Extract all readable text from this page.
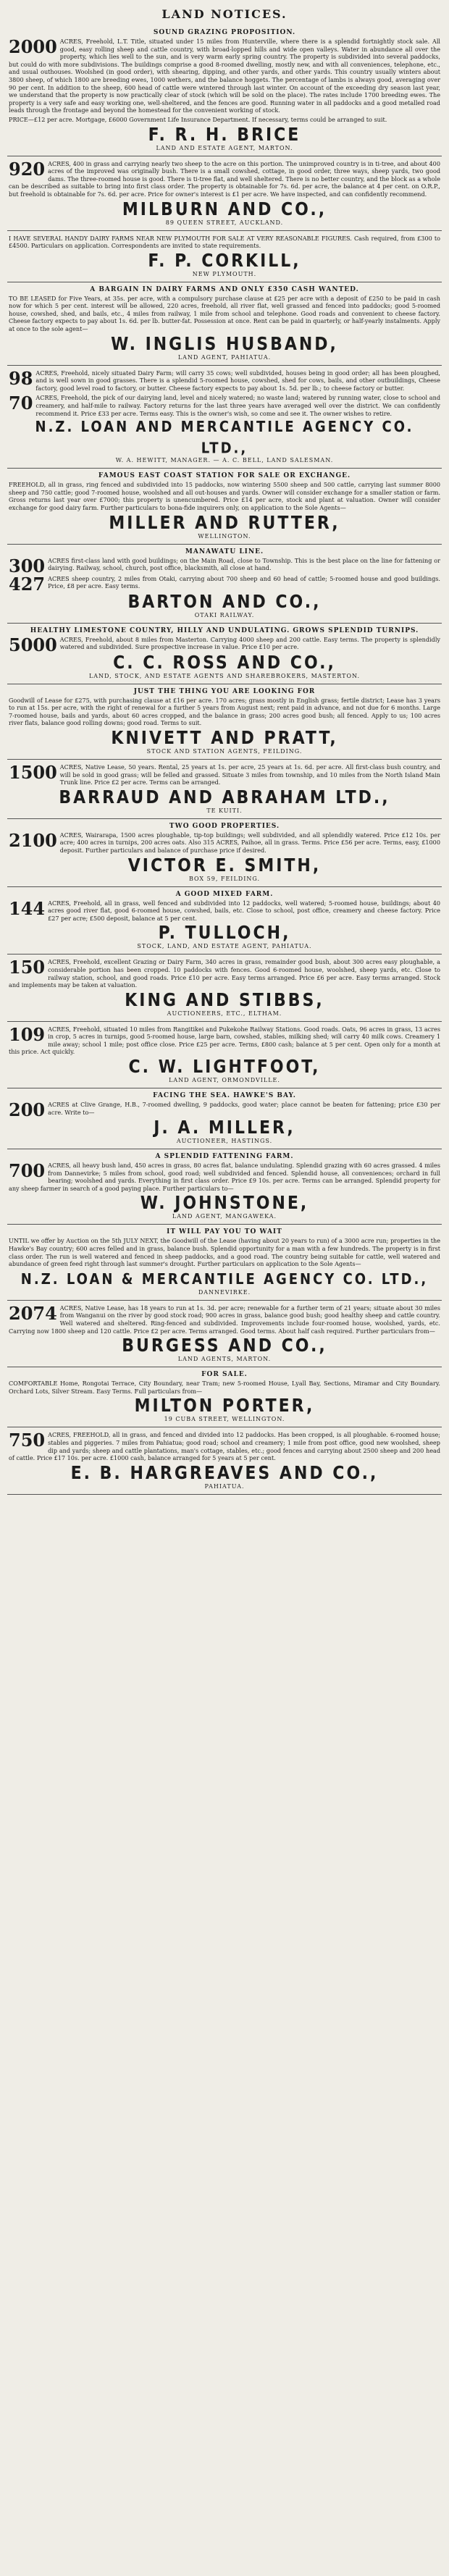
LAND NOTICES.
SOUND GRAZING PROPOSITION.
2000 ACRES, Freehold, L.T. Title, situated under 15 miles from Hunterville, where there is a splendid fortnightly stock sale. All good, easy rolling sheep and cattle country, with broad-lopped hills and wide open valleys. Water in abundance all over the property, which lies well to the sun, and is very warm early spring country. The property is subdivided into several paddocks, but could do with more subdivisions. The buildings comprise a good 8-roomed dwelling, mostly new, and with all conveniences, telephone, etc., and usual outhouses. Woolshed (in good order), with shearing, dipping, and other yards, and other yards. This country usually winters about 3800 sheep, of which 1800 are breeding ewes, 1000 wethers, and the balance hoggets. The percentage of lambs is always good, averaging over 90 per cent. In addition to the sheep, 600 head of cattle were wintered through last winter. On account of the exceeding dry season last year, we understand that the property is now practically clear of stock (which will be sold on the place). The rates include 1700 breeding ewes. The property is a very safe and easy working one, well-sheltered, and the fences are good. Running water in all paddocks and a good metalled road leads through the frontage and beyond the homestead for the convenient working of stock.
PRICE—£12 per acre. Mortgage, £6000 Government Life Insurance Department. If necessary, terms could be arranged to suit.
F. R. H. BRICE
LAND AND ESTATE AGENT, MARTON.
920 ACRES, 400 in grass and carrying nearly two sheep to the acre on this portion. The unimproved country is in ti-tree, and about 400 acres of the improved was originally bush. There is a small cowshed, cottage, in good order, three ways, sheep yards, two good dams. The three-roomed house is good. There is ti-tree flat, and well sheltered. There is no better country, and the block as a whole can be described as suitable to bring into first class order. The property is obtainable for 7s. 6d. per acre, the balance at 4 per cent. on O.R.P., but freehold is obtainable for 7s. 6d. per acre. Price for owner's interest is £1 per acre. We have inspected, and can confidently recommend.
MILBURN AND CO.,
89 QUEEN STREET, AUCKLAND.
I HAVE SEVERAL HANDY DAIRY FARMS NEAR NEW PLYMOUTH FOR SALE AT VERY REASONABLE FIGURES. Cash required, from £300 to £4500. Particulars on application. Correspondents are invited to state requirements.
F. P. CORKILL,
NEW PLYMOUTH.
A BARGAIN IN DAIRY FARMS AND ONLY £350 CASH WANTED.
TO BE LEASED for Five Years, at 35s. per acre, with a compulsory purchase clause at £25 per acre with a deposit of £250 to be paid in cash now for which 5 per cent. interest will be allowed, 220 acres, freehold, all river flat, well grassed and fenced into paddocks; good 5-roomed house, cowshed, shed, and bails, etc., 4 miles from railway, 1 mile from school and telephone. Good roads and convenient to cheese factory. Cheese factory expects to pay about 1s. 6d. per lb. butter-fat. Possession at once. Rent can be paid in quarterly, or half-yearly instalments. Apply at once to the sole agent—
W. INGLIS HUSBAND,
LAND AGENT, PAHIATUA.
98 ACRES, Freehold, nicely situated Dairy Farm; will carry 35 cows; well subdivided, houses being in good order; all has been ploughed, and is well sown in good grasses. There is a splendid 5-roomed house, cowshed, shed for cows, bails, and other outbuildings, Cheese factory, good level road to factory, or butter. Cheese factory expects to pay about 1s. 5d. per lb.; to cheese factory or butter.
70 ACRES, Freehold, the pick of our dairying land, level and nicely watered; no waste land; watered by running water, close to school and creamery, and half-mile to railway. Factory returns for the last three years have averaged well over the district. We can confidently recommend it. Price £33 per acre. Terms easy. This is the owner's wish, so come and see it. The owner wishes to retire.
N.Z. LOAN AND MERCANTILE AGENCY CO. LTD.,
W. A. HEWITT, MANAGER. — A. C. BELL, LAND SALESMAN.
FAMOUS EAST COAST STATION FOR SALE OR EXCHANGE.
FREEHOLD, all in grass, ring fenced and subdivided into 15 paddocks, now wintering 5500 sheep and 500 cattle, carrying last summer 8000 sheep and 750 cattle; good 7-roomed house, woolshed and all out-houses and yards. Owner will consider exchange for a smaller station or farm. Gross returns last year over £7000; this property is unencumbered. Price £14 per acre, stock and plant at valuation. Owner will consider exchange for good dairy farm. Further particulars to bona-fide inquirers only, on application to the Sole Agents—
MILLER AND RUTTER,
WELLINGTON.
MANAWATU LINE.
300 ACRES first-class land with good buildings; on the Main Road, close to Township. This is the best place on the line for fattening or dairying. Railway, school, church, post office, blacksmith, all close at hand.
427 ACRES sheep country, 2 miles from Otaki, carrying about 700 sheep and 60 head of cattle; 5-roomed house and good buildings. Price, £8 per acre. Easy terms.
BARTON AND CO.,
OTAKI RAILWAY.
HEALTHY LIMESTONE COUNTRY, HILLY AND UNDULATING. GROWS SPLENDID TURNIPS.
5000 ACRES, Freehold, about 8 miles from Masterton. Carrying 4000 sheep and 200 cattle. Easy terms. The property is splendidly watered and subdivided. Sure prospective increase in value. Price £10 per acre.
C. C. ROSS AND CO.,
LAND, STOCK, AND ESTATE AGENTS AND SHAREBROKERS, MASTERTON.
JUST THE THING YOU ARE LOOKING FOR
Goodwill of Lease for £275, with purchasing clause at £16 per acre. 170 acres; grass mostly in English grass; fertile district; Lease has 3 years to run at 15s. per acre, with the right of renewal for a further 5 years from August next; rent paid in advance, and not due for 6 months. Large 7-roomed house, bails and yards, about 60 acres cropped, and the balance in grass; 200 acres good bush; all fenced. Apply to us; 100 acres river flats, balance good rolling downs; good road. Terms to suit.
KNIVETT AND PRATT,
STOCK AND STATION AGENTS, FEILDING.
1500 ACRES, Native Lease, 50 years. Rental, 25 years at 1s. per acre, 25 years at 1s. 6d. per acre. All first-class bush country, and will be sold in good grass; will be felled and grassed. Situate 3 miles from township, and 10 miles from the North Island Main Trunk line. Price £2 per acre. Terms can be arranged.
BARRAUD AND ABRAHAM LTD.,
TE KUITI.
TWO GOOD PROPERTIES.
2100 ACRES, Wairarapa, 1500 acres ploughable, tip-top buildings; well subdivided, and all splendidly watered. Price £12 10s. per acre; 400 acres in turnips, 200 acres oats. Also 315 ACRES, Paihoe, all in grass. Terms. Price £56 per acre. Terms, easy, £1000 deposit. Further particulars and balance of purchase price if desired.
VICTOR E. SMITH,
BOX 59, FEILDING.
A GOOD MIXED FARM.
144 ACRES, Freehold, all in grass, well fenced and subdivided into 12 paddocks, well watered; 5-roomed house, buildings; about 40 acres good river flat, good 6-roomed house, cowshed, bails, etc. Close to school, post office, creamery and cheese factory. Price £27 per acre; £500 deposit, balance at 5 per cent.
P. TULLOCH,
STOCK, LAND, AND ESTATE AGENT, PAHIATUA.
150 ACRES, Freehold, excellent Grazing or Dairy Farm, 340 acres in grass, remainder good bush, about 300 acres easy ploughable, a considerable portion has been cropped. 10 paddocks with fences. Good 6-roomed house, woolshed, sheep yards, etc. Close to railway station, school, and good roads. Price £10 per acre. Easy terms arranged. Price £6 per acre. Easy terms arranged. Stock and implements may be taken at valuation.
KING AND STIBBS,
AUCTIONEERS, ETC., ELTHAM.
109 ACRES, Freehold, situated 10 miles from Rangitikei and Pukekohe Railway Stations. Good roads. Oats, 96 acres in grass, 13 acres in crop, 5 acres in turnips, good 5-roomed house, large barn, cowshed, stables, milking shed; will carry 40 milk cows. Creamery 1 mile away; school 1 mile; post office close. Price £25 per acre. Terms, £800 cash; balance at 5 per cent. Open only for a month at this price. Act quickly.
C. W. LIGHTFOOT,
LAND AGENT, ORMONDVILLE.
FACING THE SEA. HAWKE'S BAY.
200 ACRES at Clive Grange, H.B., 7-roomed dwelling, 9 paddocks, good water; place cannot be beaten for fattening; price £30 per acre. Write to—
J. A. MILLER,
AUCTIONEER, HASTINGS.
A SPLENDID FATTENING FARM.
700 ACRES, all heavy bush land, 450 acres in grass, 80 acres flat, balance undulating. Splendid grazing with 60 acres grassed. 4 miles from Dannevirke; 5 miles from school, good road; well subdivided and fenced. Splendid house, all conveniences; orchard in full bearing; woolshed and yards. Everything in first class order. Price £9 10s. per acre. Terms can be arranged. Splendid property for any sheep farmer in search of a good paying place. Further particulars to—
W. JOHNSTONE,
LAND AGENT, MANGAWEKA.
IT WILL PAY YOU TO WAIT
UNTIL we offer by Auction on the 5th JULY NEXT, the Goodwill of the Lease (having about 20 years to run) of a 3000 acre run; properties in the Hawke's Bay country; 600 acres felled and in grass, balance bush. Splendid opportunity for a man with a few hundreds. The property is in first class order. The run is well watered and fenced in sheep paddocks, and a good road. The country being suitable for cattle, well watered and abundance of green feed right through last summer's drought. Further particulars on application to the Sole Agents—
N.Z. LOAN & MERCANTILE AGENCY CO. LTD.,
DANNEVIRKE.
2074 ACRES, Native Lease, has 18 years to run at 1s. 3d. per acre; renewable for a further term of 21 years; situate about 30 miles from Wanganui on the river by good stock road; 900 acres in grass, balance good bush; good healthy sheep and cattle country. Well watered and sheltered. Ring-fenced and subdivided. Improvements include four-roomed house, woolshed, yards, etc. Carrying now 1800 sheep and 120 cattle. Price £2 per acre. Terms arranged. Good terms. About half cash required. Further particulars from—
BURGESS AND CO.,
LAND AGENTS, MARTON.
FOR SALE.
COMFORTABLE Home, Rongotai Terrace, City Boundary, near Tram; new 5-roomed House, Lyall Bay, Sections, Miramar and City Boundary. Orchard Lots, Silver Stream. Easy Terms. Full particulars from—
MILTON PORTER,
19 CUBA STREET, WELLINGTON.
750 ACRES, FREEHOLD, all in grass, and fenced and divided into 12 paddocks. Has been cropped, is all ploughable. 6-roomed house; stables and piggeries. 7 miles from Pahiatua; good road; school and creamery; 1 mile from post office, good new woolshed, sheep dip and yards; sheep and cattle plantations, man's cottage, stables, etc.; good fences and carrying about 2500 sheep and 200 head of cattle. Price £17 10s. per acre. £1000 cash, balance arranged for 5 years at 5 per cent.
E. B. HARGREAVES AND CO.,
PAHIATUA.
